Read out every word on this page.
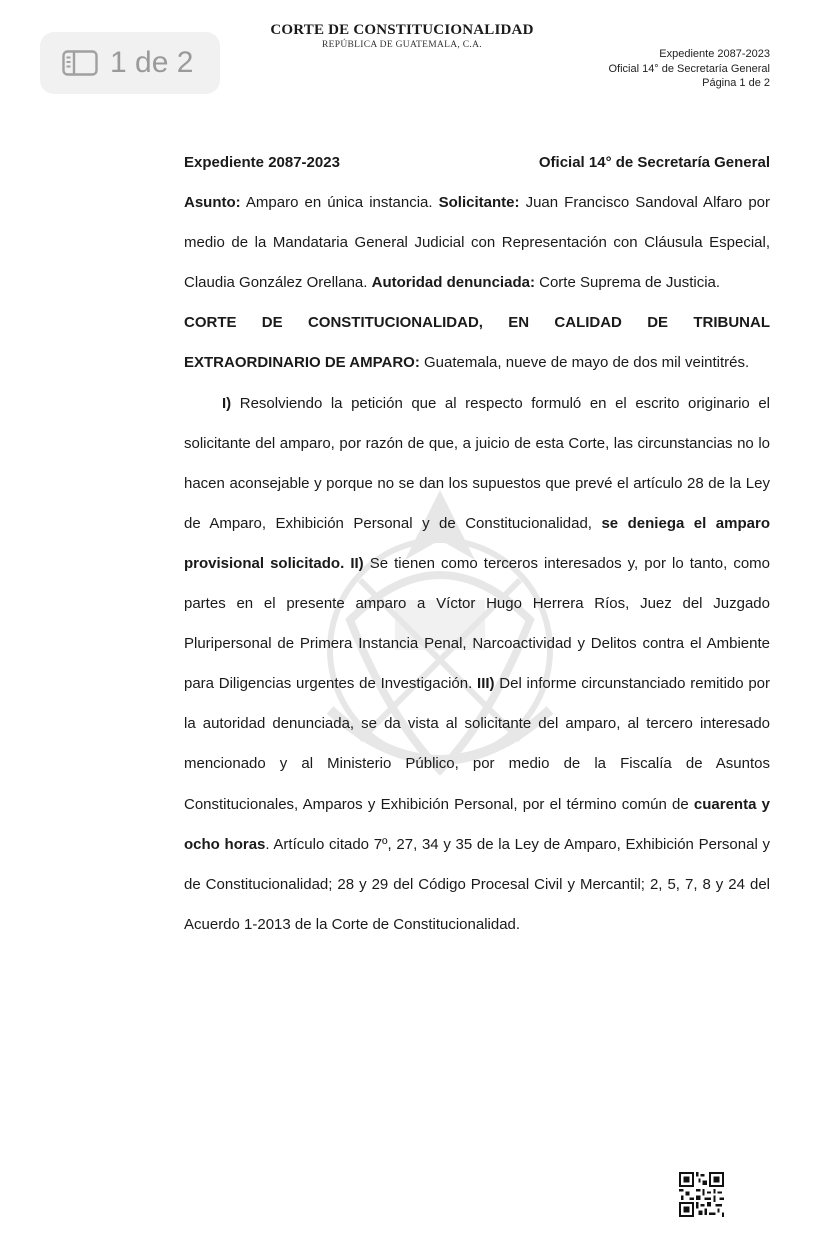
1 de 2
CORTE DE CONSTITUCIONALIDAD
REPÚBLICA DE GUATEMALA, C.A.
Expediente 2087-2023
Oficial 14° de Secretaría General
Página 1 de 2
Expediente 2087-2023	Oficial 14° de Secretaría General

Asunto: Amparo en única instancia. Solicitante: Juan Francisco Sandoval Alfaro por medio de la Mandataria General Judicial con Representación con Cláusula Especial, Claudia González Orellana. Autoridad denunciada: Corte Suprema de Justicia.

CORTE DE CONSTITUCIONALIDAD, EN CALIDAD DE TRIBUNAL EXTRAORDINARIO DE AMPARO: Guatemala, nueve de mayo de dos mil veintitrés.

I) Resolviendo la petición que al respecto formuló en el escrito originario el solicitante del amparo, por razón de que, a juicio de esta Corte, las circunstancias no lo hacen aconsejable y porque no se dan los supuestos que prevé el artículo 28 de la Ley de Amparo, Exhibición Personal y de Constitucionalidad, se deniega el amparo provisional solicitado. II) Se tienen como terceros interesados y, por lo tanto, como partes en el presente amparo a Víctor Hugo Herrera Ríos, Juez del Juzgado Pluripersonal de Primera Instancia Penal, Narcoactividad y Delitos contra el Ambiente para Diligencias urgentes de Investigación. III) Del informe circunstanciado remitido por la autoridad denunciada, se da vista al solicitante del amparo, al tercero interesado mencionado y al Ministerio Público, por medio de la Fiscalía de Asuntos Constitucionales, Amparos y Exhibición Personal, por el término común de cuarenta y ocho horas. Artículo citado 7º, 27, 34 y 35 de la Ley de Amparo, Exhibición Personal y de Constitucionalidad; 28 y 29 del Código Procesal Civil y Mercantil; 2, 5, 7, 8 y 24 del Acuerdo 1-2013 de la Corte de Constitucionalidad.
